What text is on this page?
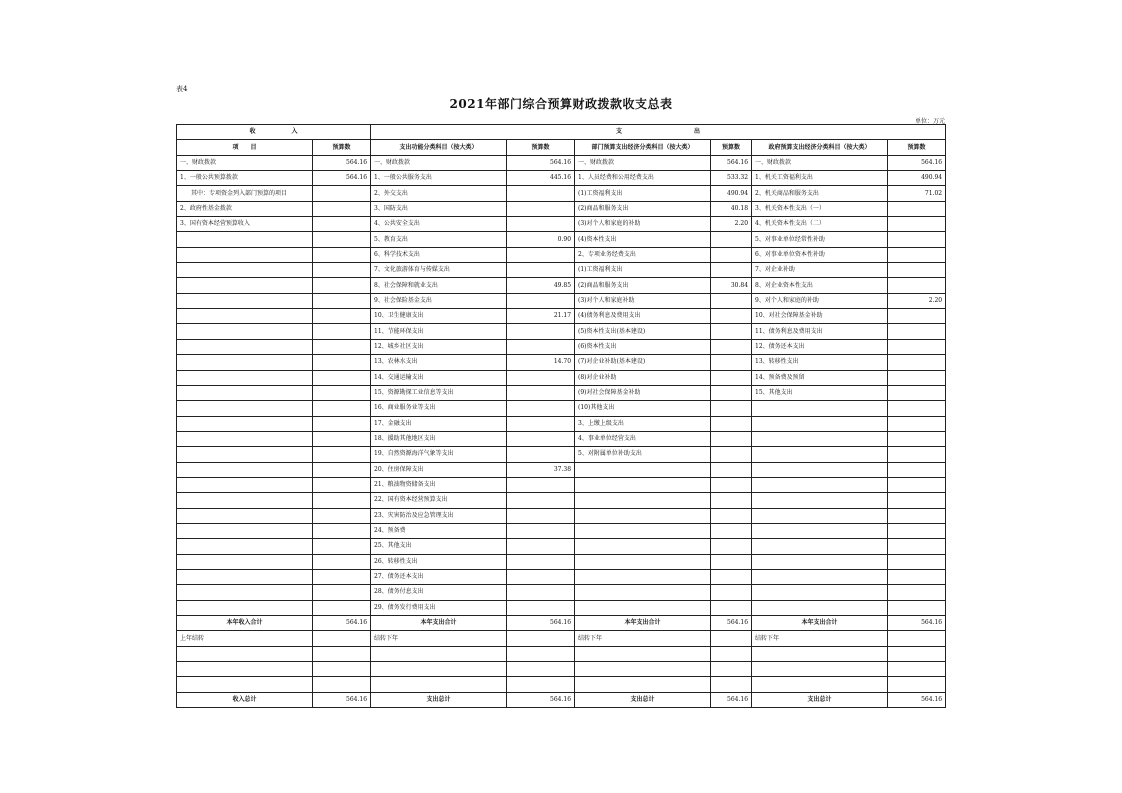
表4
2021年部门综合预算财政拨款收支总表
单位：万元
收　　　　　　入		支　　　　　　　　　　　　出					
项　　目	预算数	支出功能分类科目（按大类）	预算数	部门预算支出经济分类科目（按大类）	预算数	政府预算支出经济分类科目（按大类）	预算数
一、财政拨款	564.16	一、财政拨款	564.16	一、财政拨款	564.16	一、财政拨款	564.16
1、一般公共预算拨款	564.16	1、一般公共服务支出	445.16	1、人员经费和公用经费支出	533.32	1、机关工资福利支出	490.94
其中：专项资金列入部门预算的项目		2、外交支出		(1)工资福利支出	490.94	2、机关商品和服务支出	71.02
2、政府性基金拨款		3、国防支出		(2)商品和服务支出	40.18	3、机关资本性支出（一）	
3、国有资本经营预算收入		4、公共安全支出		(3)对个人和家庭的补助	2.20	4、机关资本性支出（二）	
		5、教育支出	0.90	(4)资本性支出		5、对事业单位经常性补助	
		6、科学技术支出		2、专项业务经费支出		6、对事业单位资本性补助	
		7、文化旅游体育与传媒支出		(1)工资福利支出		7、对企业补助	
		8、社会保障和就业支出	49.85	(2)商品和服务支出	30.84	8、对企业资本性支出	
		9、社会保险基金支出		(3)对个人和家庭补助		9、对个人和家庭的补助	2.20
		10、卫生健康支出	21.17	(4)债务利息及费用支出		10、对社会保障基金补助	
		11、节能环保支出		(5)资本性支出(基本建设)		11、债务利息及费用支出	
		12、城乡社区支出		(6)资本性支出		12、债务还本支出	
		13、农林水支出	14.70	(7)对企业补助(基本建设)		13、转移性支出	
		14、交通运输支出		(8)对企业补助		14、预备费及预留	
		15、资源勘探工业信息等支出		(9)对社会保障基金补助		15、其他支出	
		16、商业服务业等支出		(10)其他支出			
		17、金融支出		3、上缴上级支出			
		18、援助其他地区支出		4、事业单位经营支出			
		19、自然资源海洋气象等支出		5、对附属单位补助支出			
		20、住房保障支出	37.38				
		21、粮油物资储备支出					
		22、国有资本经营预算支出					
		23、灾害防治及应急管理支出					
		24、预备费					
		25、其他支出					
		26、转移性支出					
		27、债务还本支出					
		28、债务付息支出					
		29、债务发行费用支出					
本年收入合计	564.16	本年支出合计	564.16	本年支出合计	564.16	本年支出合计	564.16
上年结转		结转下年		结转下年		结转下年	

收入总计	564.16	支出总计	564.16	支出总计	564.16	支出总计	564.16
